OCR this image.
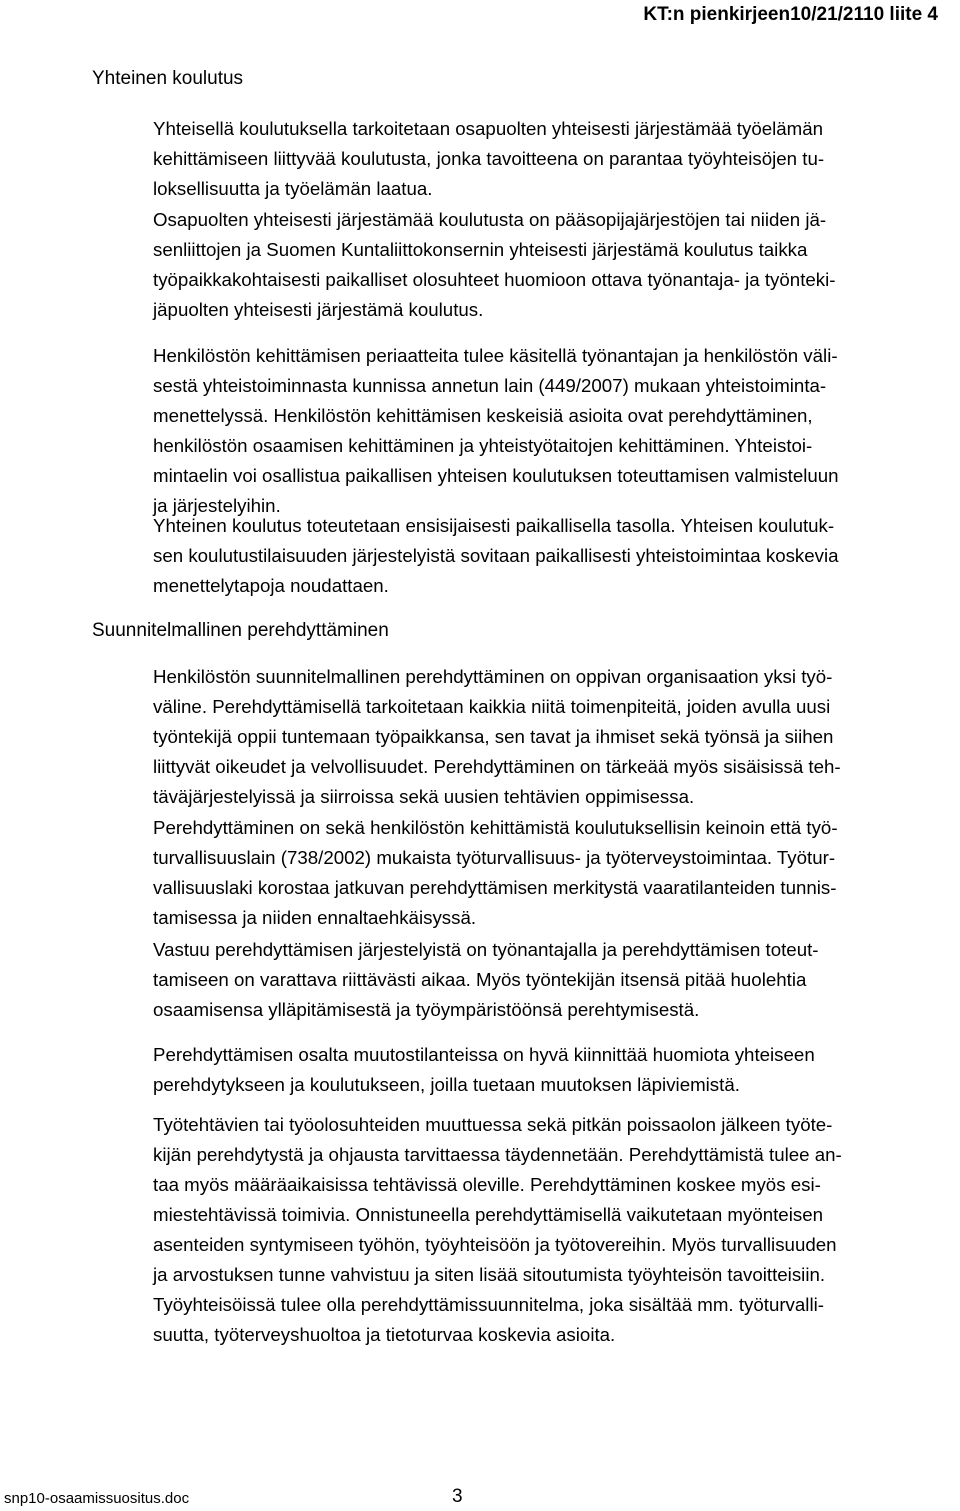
KT:n pienkirjeen10/21/2110 liite 4
Yhteinen koulutus
Yhteisellä koulutuksella tarkoitetaan osapuolten yhteisesti järjestämää työelämän
kehittämiseen liittyvää koulutusta, jonka tavoitteena on parantaa työyhteisöjen tu-
loksellisuutta ja työelämän laatua.
Osapuolten yhteisesti järjestämää koulutusta on pääsopijajärjestöjen tai niiden jä-
senliittojen ja Suomen Kuntaliittokonsernin yhteisesti järjestämä koulutus taikka
työpaikkakohtaisesti paikalliset olosuhteet huomioon ottava työnantaja- ja työnteki-
jäpuolten yhteisesti järjestämä koulutus.
Henkilöstön kehittämisen periaatteita tulee käsitellä työnantajan ja henkilöstön väli-
sestä yhteistoiminnasta kunnissa annetun lain (449/2007) mukaan yhteistoiminta-
menettelyssä. Henkilöstön kehittämisen keskeisiä asioita ovat perehdyttäminen,
henkilöstön osaamisen kehittäminen ja yhteistyötaitojen kehittäminen. Yhteistoi-
mintaelin voi osallistua paikallisen yhteisen koulutuksen toteuttamisen valmisteluun
ja järjestelyihin.
Yhteinen koulutus toteutetaan ensisijaisesti paikallisella tasolla. Yhteisen koulutuk-
sen koulutustilaisuuden järjestelyistä sovitaan paikallisesti yhteistoimintaa koskevia
menettelytapoja noudattaen.
Suunnitelmallinen perehdyttäminen
Henkilöstön suunnitelmallinen perehdyttäminen on oppivan organisaation yksi työ-
väline. Perehdyttämisellä tarkoitetaan kaikkia niitä toimenpiteitä, joiden avulla uusi
työntekijä oppii tuntemaan työpaikkansa, sen tavat ja ihmiset sekä työnsä ja siihen
liittyvät oikeudet ja velvollisuudet. Perehdyttäminen on tärkeää myös sisäisissä teh-
täväjärjestelyissä ja siirroissa sekä uusien tehtävien oppimisessa.
Perehdyttäminen on sekä henkilöstön kehittämistä koulutuksellisin keinoin että työ-
turvallisuuslain (738/2002) mukaista työturvallisuus- ja työterveystoimintaa. Työtur-
vallisuuslaki korostaa jatkuvan perehdyttämisen merkitystä vaaratilanteiden tunnis-
tamisessa ja niiden ennaltaehkäisyssä.
Vastuu perehdyttämisen järjestelyistä on työnantajalla ja perehdyttämisen toteut-
tamiseen on varattava riittävästi aikaa. Myös työntekijän itsensä pitää huolehtia
osaamisensa ylläpitämisestä ja työympäristöönsä perehtymisestä.
Perehdyttämisen osalta muutostilanteissa on hyvä kiinnittää huomiota yhteiseen
perehdytykseen ja koulutukseen, joilla tuetaan muutoksen läpiviemistä.
Työtehtävien tai työolosuhteiden muuttuessa sekä pitkän poissaolon jälkeen työte-
kijän perehdytystä ja ohjausta tarvittaessa täydennetään. Perehdyttämistä tulee an-
taa myös määräaikaisissa tehtävissä oleville. Perehdyttäminen koskee myös esi-
miestehtävissä toimivia. Onnistuneella perehdyttämisellä vaikutetaan myönteisen
asenteiden syntymiseen työhön, työyhteisöön ja työtovereihin. Myös turvallisuuden
ja arvostuksen tunne vahvistuu ja siten lisää sitoutumista työyhteisön tavoitteisiin.
Työyhteisöissä tulee olla perehdyttämissuunnitelma, joka sisältää mm. työturvalli-
suutta, työterveyshuoltoa ja tietoturvaa koskevia asioita.
snp10-osaamissuositus.doc	3
